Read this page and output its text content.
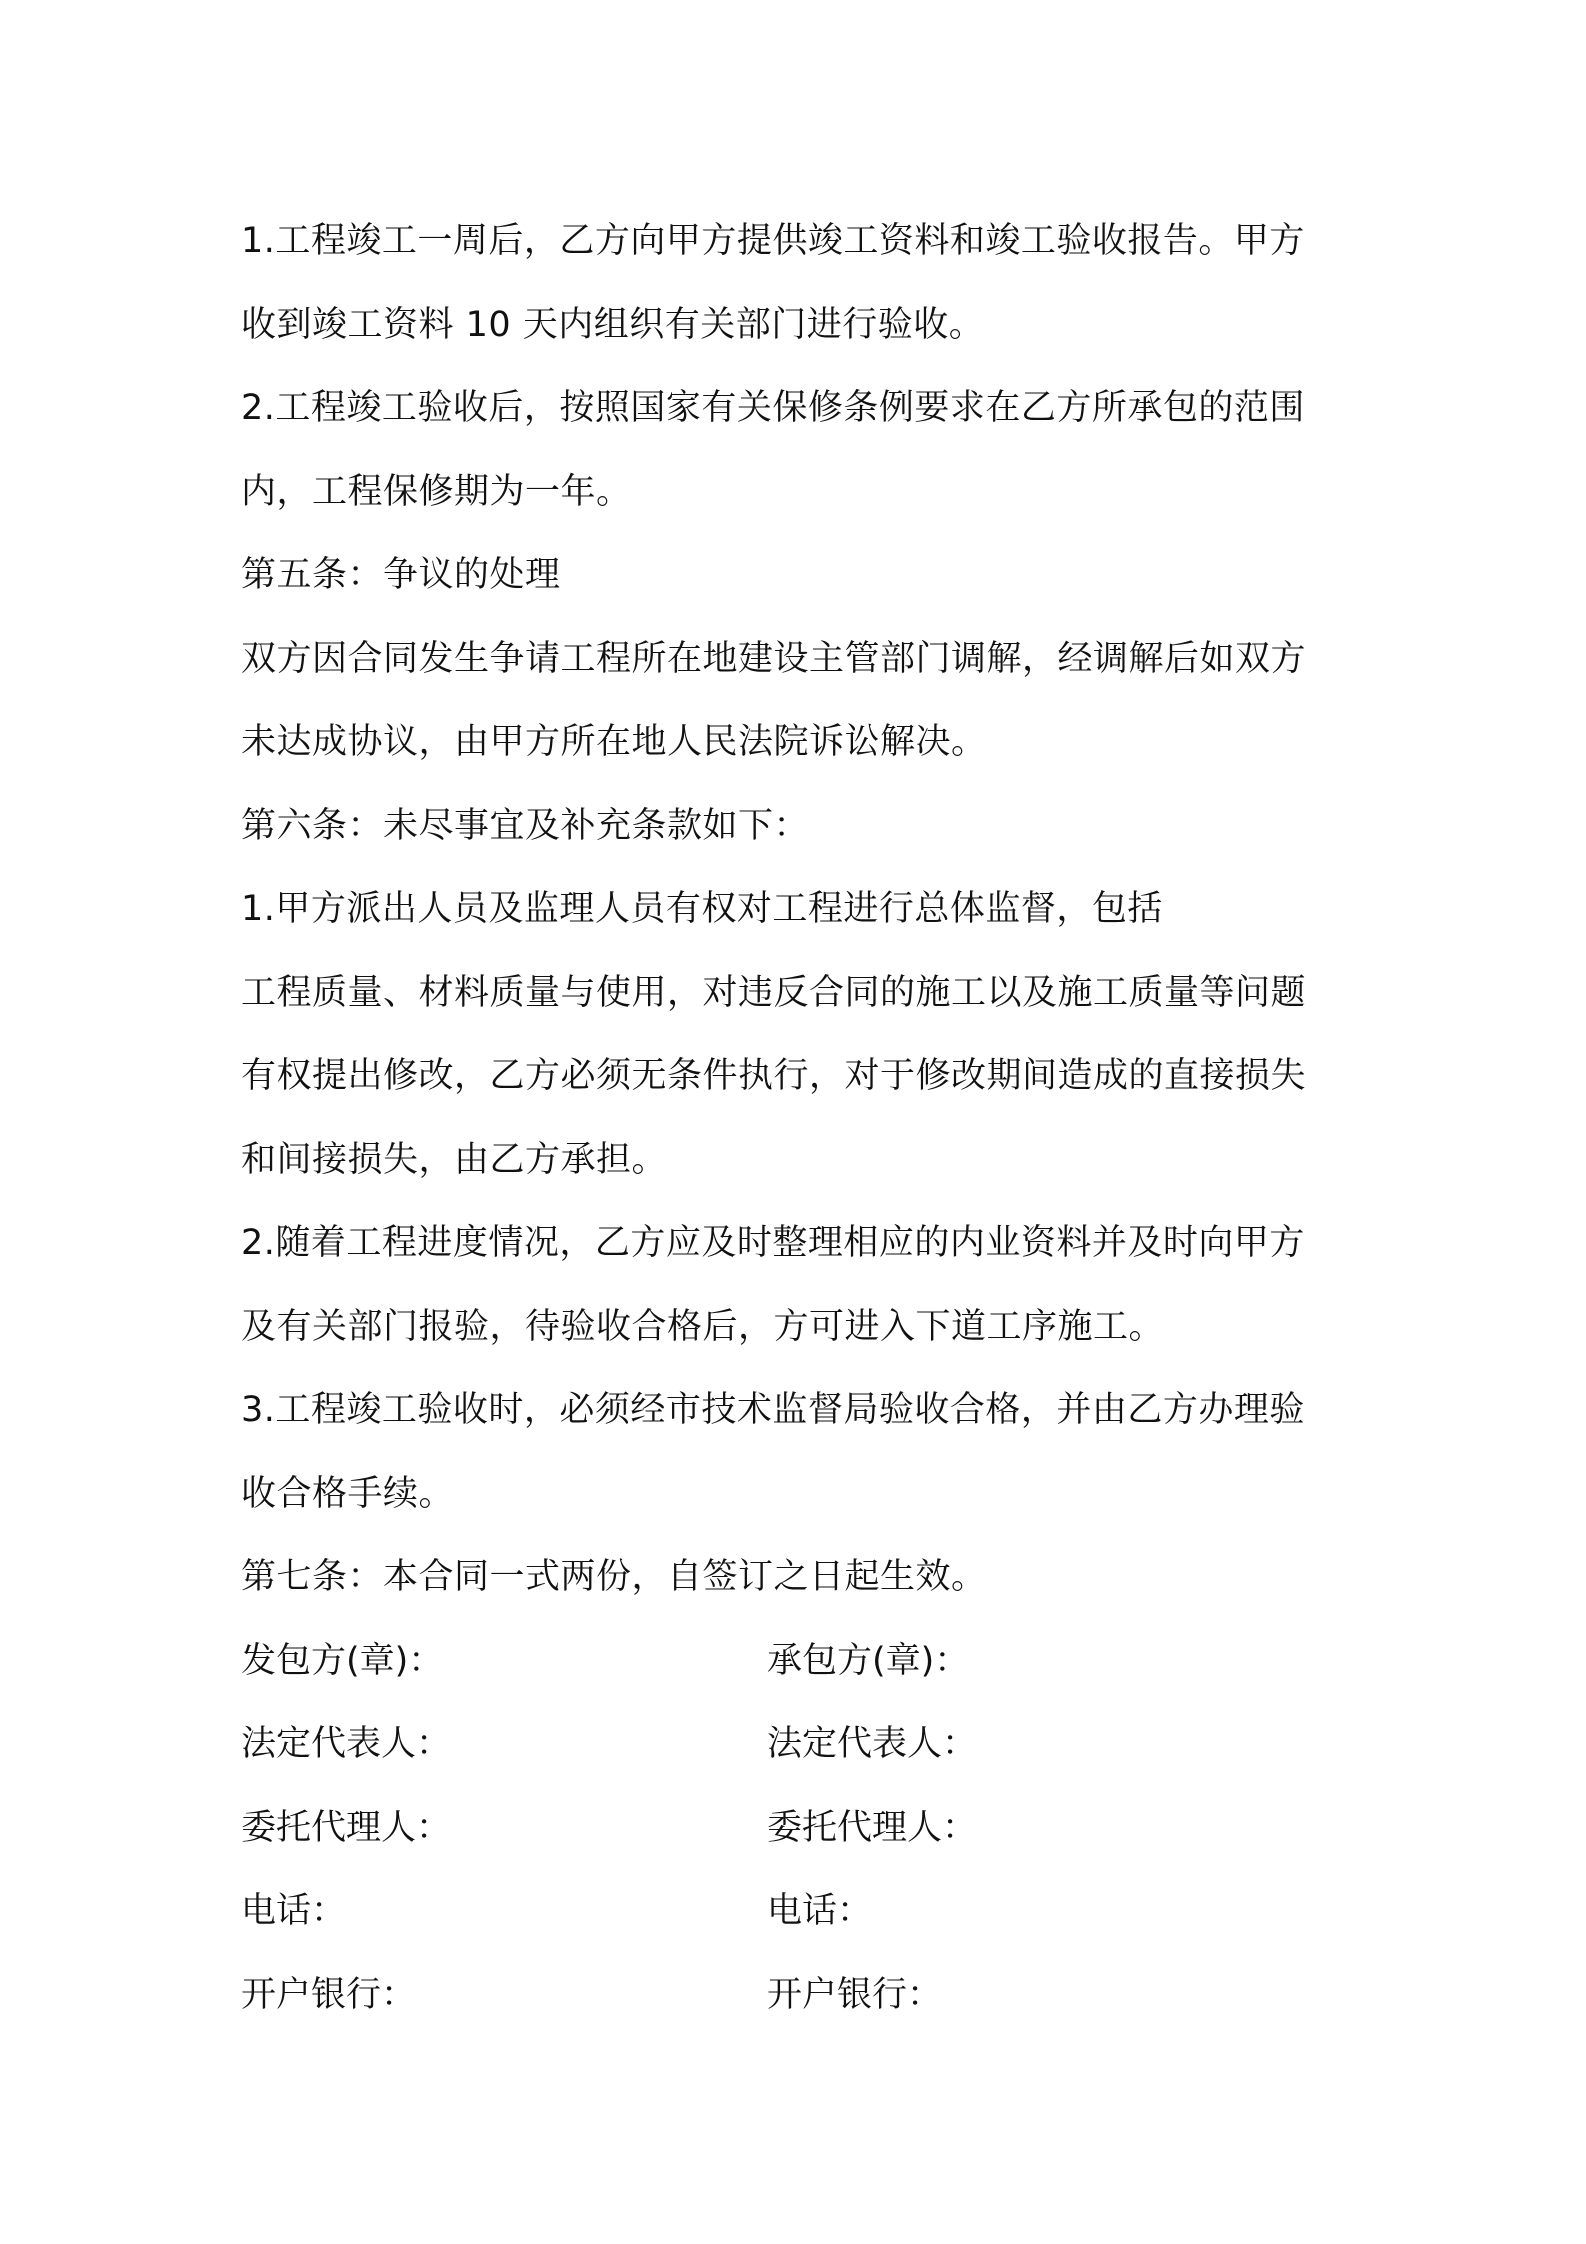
1.工程竣工一周后，乙方向甲方提供竣工资料和竣工验收报告。甲方
收到竣工资料 10 天内组织有关部门进行验收。
2.工程竣工验收后，按照国家有关保修条例要求在乙方所承包的范围
内，工程保修期为一年。
第五条：争议的处理
双方因合同发生争请工程所在地建设主管部门调解，经调解后如双方
未达成协议，由甲方所在地人民法院诉讼解决。
第六条：未尽事宜及补充条款如下：
1.甲方派出人员及监理人员有权对工程进行总体监督，包括
工程质量、材料质量与使用，对违反合同的施工以及施工质量等问题
有权提出修改，乙方必须无条件执行，对于修改期间造成的直接损失
和间接损失，由乙方承担。
2.随着工程进度情况，乙方应及时整理相应的内业资料并及时向甲方
及有关部门报验，待验收合格后，方可进入下道工序施工。
3.工程竣工验收时，必须经市技术监督局验收合格，并由乙方办理验
收合格手续。
第七条：本合同一式两份，自签订之日起生效。
发包方(章)：	承包方(章)：
法定代表人：	法定代表人：
委托代理人：	委托代理人：
电话：	电话：
开户银行：	开户银行：
